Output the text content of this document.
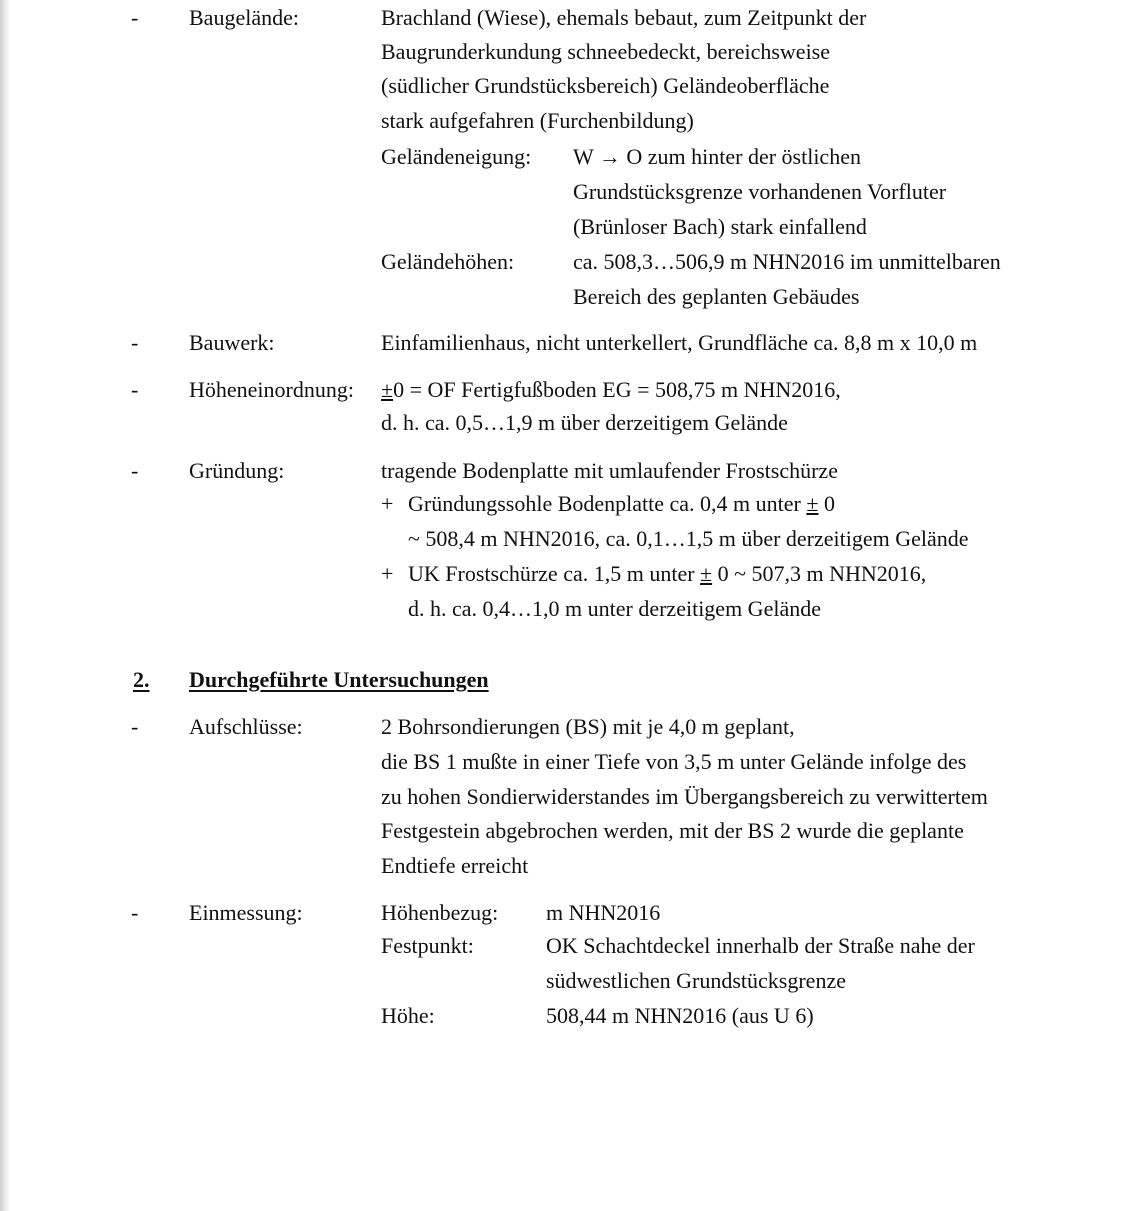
- Baugelände:	Brachland (Wiese), ehemals bebaut, zum Zeitpunkt der
Baugrunderkundung schneebedeckt, bereichsweise
(südlicher Grundstücksbereich) Geländeoberfläche
stark aufgefahren (Furchenbildung)
Geländeneigung: W → O zum hinter der östlichen
Grundstücksgrenze vorhandenen Vorfluter
(Brünloser Bach) stark einfallend
Geländehöhen:	ca. 508,3…506,9 m NHN2016 im unmittelbaren
Bereich des geplanten Gebäudes
- Bauwerk:	Einfamilienhaus, nicht unterkellert, Grundfläche ca. 8,8 m x 10,0 m
- Höheneinordnung: ±0 = OF Fertigfußboden EG = 508,75 m NHN2016,
d. h. ca. 0,5…1,9 m über derzeitigem Gelände
- Gründung:	tragende Bodenplatte mit umlaufender Frostschürze
+ Gründungssohle Bodenplatte ca. 0,4 m unter ± 0
~ 508,4 m NHN2016, ca. 0,1…1,5 m über derzeitigem Gelände
+ UK Frostschürze ca. 1,5 m unter ± 0 ~ 507,3 m NHN2016,
d. h. ca. 0,4…1,0 m unter derzeitigem Gelände
2. Durchgeführte Untersuchungen
- Aufschlüsse:	2 Bohrsondierungen (BS) mit je 4,0 m geplant,
die BS 1 mußte in einer Tiefe von 3,5 m unter Gelände infolge des
zu hohen Sondierwiderstandes im Übergangsbereich zu verwittertem
Festgestein abgebrochen werden, mit der BS 2 wurde die geplante
Endtiefe erreicht
- Einmessung:	Höhenbezug: m NHN2016
Festpunkt:	OK Schachtdeckel innerhalb der Straße nahe der
südwestlichen Grundstücksgrenze
Höhe:	508,44 m NHN2016 (aus U 6)
